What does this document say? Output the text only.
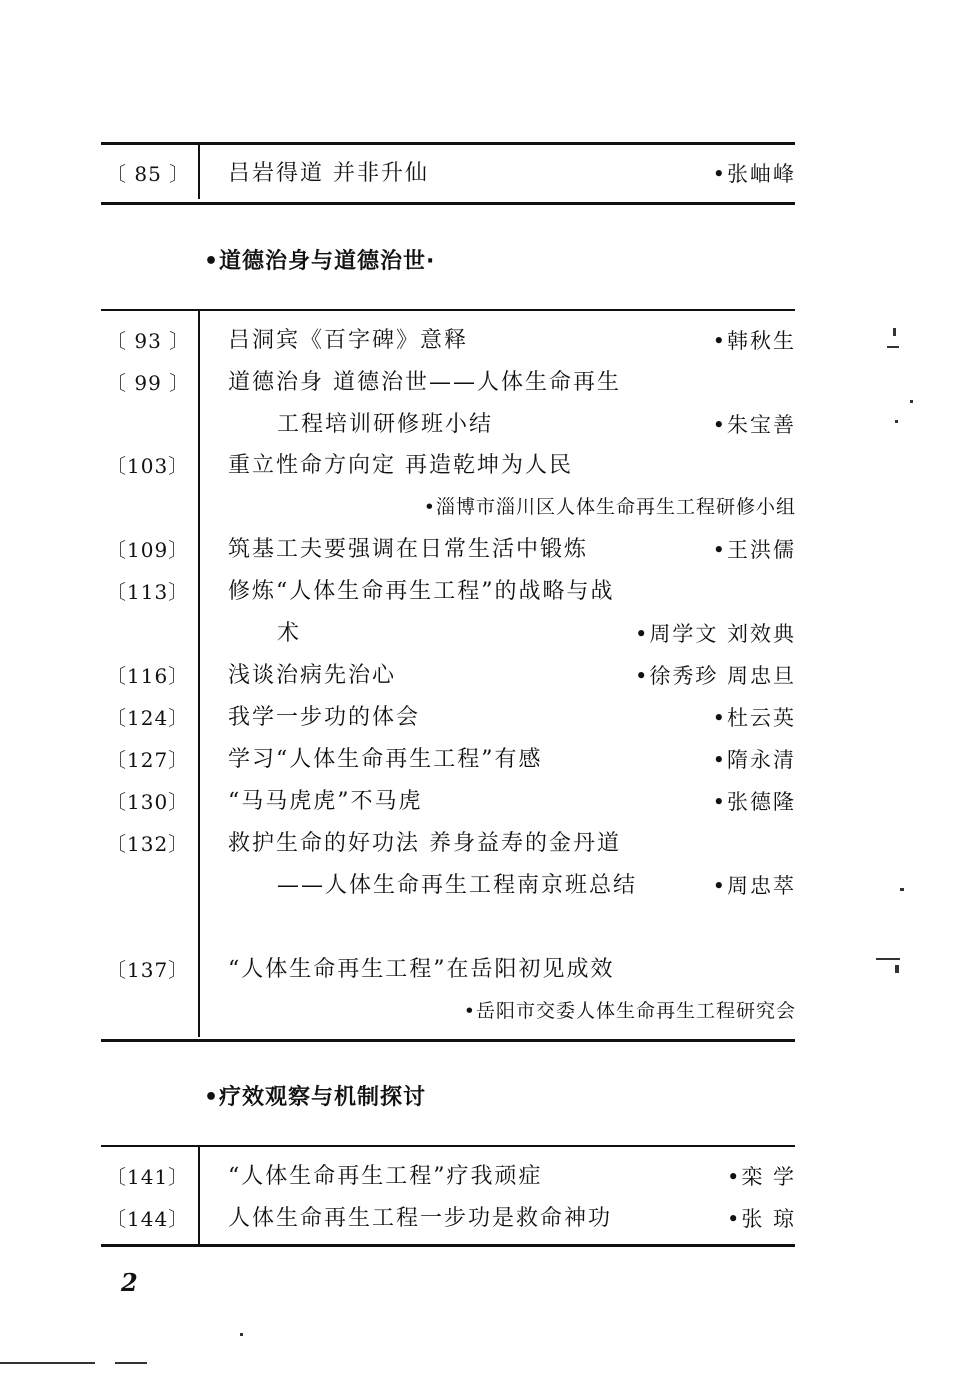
〔 85 〕 吕岩得道 并非升仙	•张岫峰
•道德治身与道德治世·
〔 93 〕 吕洞宾《百字碑》意释	•韩秋生
〔 99 〕 道德治身 道德治世——人体生命再生
工程培训研修班小结	•朱宝善
〔103〕 重立性命方向定 再造乾坤为人民
•淄博市淄川区人体生命再生工程研修小组
〔109〕 筑基工夫要强调在日常生活中锻炼	•王洪儒
〔113〕 修炼“人体生命再生工程”的战略与战
术	•周学文 刘效典
〔116〕 浅谈治病先治心	•徐秀珍 周忠旦
〔124〕 我学一步功的体会	•杜云英
〔127〕 学习“人体生命再生工程”有感	•隋永清
〔130〕 “马马虎虎”不马虎	•张德隆
〔132〕 救护生命的好功法 养身益寿的金丹道
——人体生命再生工程南京班总结	•周忠萃
〔137〕 “人体生命再生工程”在岳阳初见成效
•岳阳市交委人体生命再生工程研究会
•疗效观察与机制探讨
〔141〕 “人体生命再生工程”疗我顽症	•栾 学
〔144〕 人体生命再生工程一步功是救命神功	•张 琼
2
